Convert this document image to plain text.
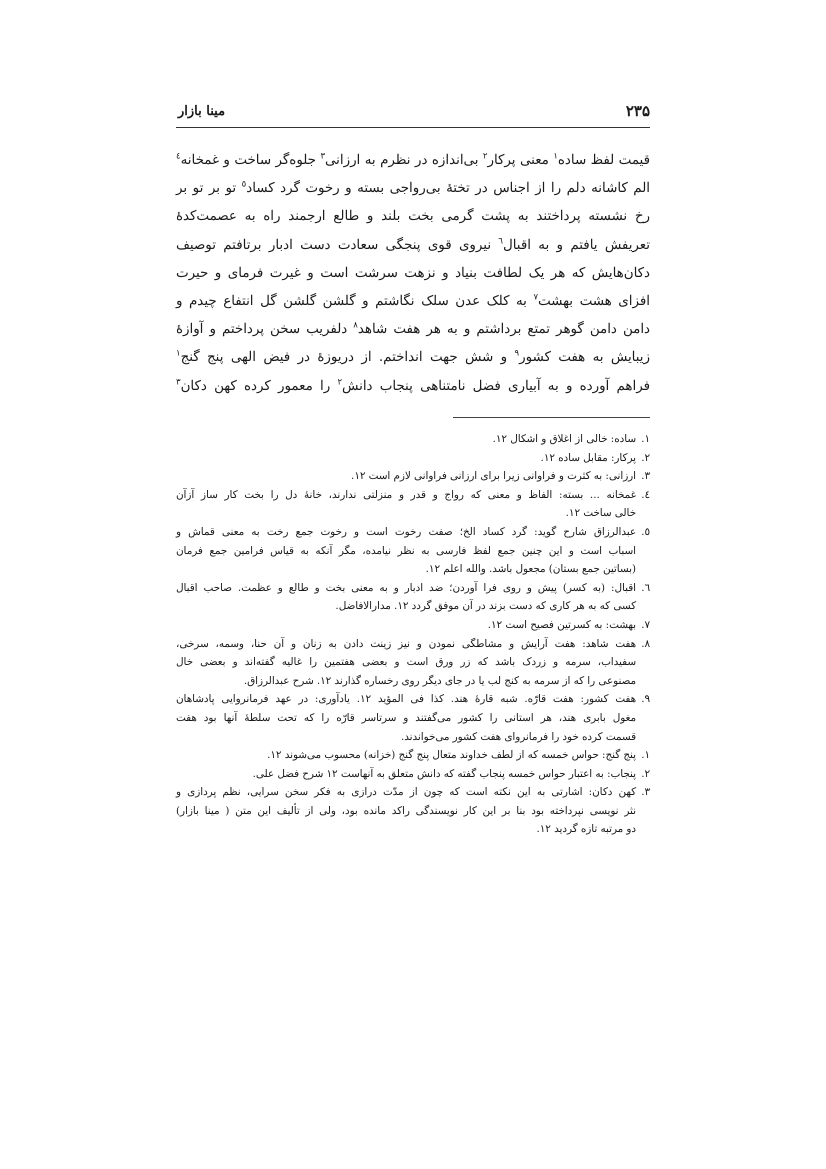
مینا بازار	۲۳۵
قیمت لفظ ساده$^۱$ معنی پرکار$^۲$ بی‌اندازه در نظرم به ارزانی$^۳$ جلوه‌گر ساخت و غمخانه$^٤$
الم کاشانه دلم را از اجناس در تختهٔ بی‌رواجی بسته و رخوت گرد کساد$^٥$ تو بر تو بر
رخ نشسته پرداختند به پشت گرمی بخت بلند و طالع ارجمند راه به عصمت‌کدهٔ
تعریفش یافتم و به اقبال$^٦$ نیروی قوی پنجگی سعادت دست ادبار برتافتم توصیف
دکان‌هایش که هر یک لطافت بنیاد و نزهت سرشت است و غیرت فرمای و حیرت
افزای هشت بهشت$^۷$ به کلک عدن سلک نگاشتم و گلشن گلشن گل انتفاع چیدم و
دامن دامن گوهر تمتع برداشتم و به هر هفت شاهد$^۸$ دلفریب سخن پرداختم و آوازهٔ
زیبایش به هفت کشور$^۹$ و شش جهت انداختم. از دریوزهٔ در فیض الهی پنج گنج$^۱$
فراهم آورده و به آبیاری فضل نامتناهی پنجاب دانش$^۲$ را معمور کرده کهن دکان$^۳$
۱.
ساده: خالی از اغلاق و اشکال ۱۲.
۲.
پرکار: مقابل ساده ۱۲.
۳.
ارزانی: به کثرت و فراوانی زیرا برای ارزانی فراوانی لازم است ۱۲.
٤.
غمخانه ... بسته: الفاظ و معنی که رواج و قدر و منزلتی ندارند، خانهٔ دل را بخت کار ساز آزآن
خالی ساخت ۱۲.
٥.
عبدالرزاق شارح گوید: گرد کساد الخ؛ صفت رخوت است و رخوت جمع رخت به معنی قماش و
اسباب است و این چنین جمع لفظ فارسی به نظر نیامده، مگر آنکه به قیاس فرامین جمع فرمان
(بساتین جمع بستان) مجعول باشد. والله اعلم ۱۲.
٦.
اقبال: (به کسر) پیش و روی فرا آوردن؛ ضد ادبار و به معنی بخت و طالع و عظمت. صاحب اقبال
کسی که به هر کاری که دست بزند در آن موفق گردد ۱۲. مدارالافاضل.
۷.
بهشت: به کسرتین فصیح است ۱۲.
۸.
هفت شاهد: هفت آرایش و مشاطگی نمودن و نیز زینت دادن به زنان و آن حنا، وسمه، سرخی،
سفیداب، سرمه و زردک باشد که زر ورق است و بعضی هفتمین را غالیه گفته‌اند و بعضی خال
مصنوعی را که از سرمه به کنج لب یا در جای دیگر روی رخساره گذارند ۱۲. شرح عبدالرزاق.
۹.
هفت کشور: هفت قارّه. شبه قارهٔ هند. کذا فی المؤید ۱۲. یادآوری: در عهد فرمانروایی پادشاهان
مغول بابری هند، هر استانی را کشور می‌گفتند و سرتاسر قارّه را که تحت سلطهٔ آنها بود هفت
قسمت کرده خود را فرمانروای هفت کشور می‌خواندند.
۱.
پنج گنج: حواس خمسه که از لطف خداوند متعال پنج گنج (خزانه) محسوب می‌شوند ۱۲.
۲.
پنجاب: به اعتبار حواس خمسه پنجاب گفته که دانش متعلق به آنهاست ۱۲ شرح فضل علی.
۳.
کهن دکان: اشارتی به این نکته است که چون از مدّت درازی به فکر سخن سرایی، نظم پردازی و
نثر نویسی نپرداخته بود بنا بر این کار نویسندگی راکد مانده بود، ولی از تألیف این متن ( مینا بازار)
دو مرتبه تازه گردید ۱۲.
